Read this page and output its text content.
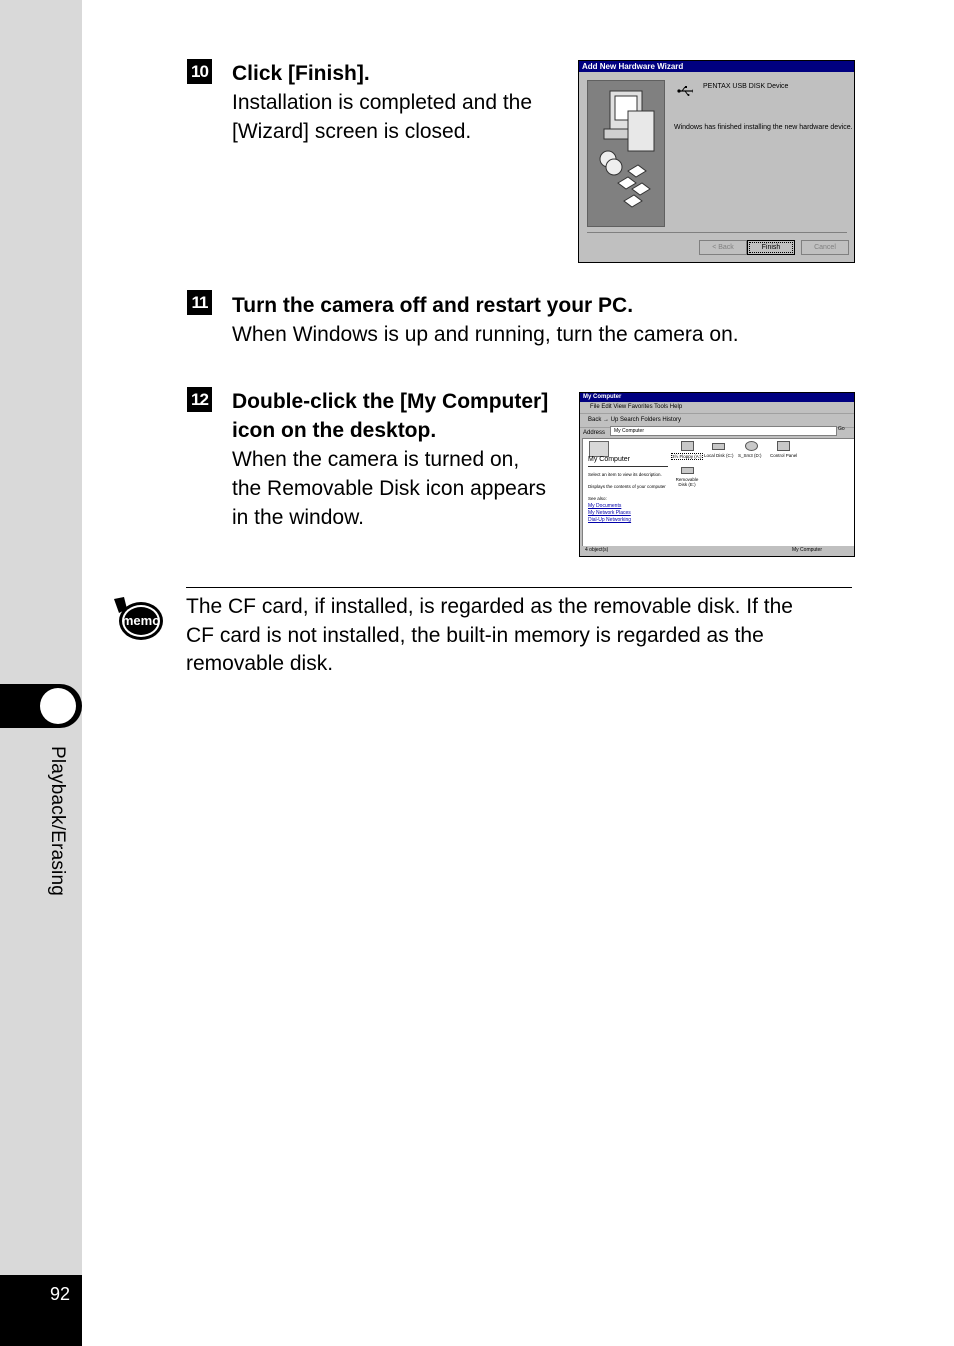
Playback/Erasing
92
10 Click [Finish].
Installation is completed and the
[Wizard] screen is closed.
Add New Hardware Wizard
PENTAX USB DISK Device
Windows has finished installing the new hardware device.
< Back	Finish	Cancel
11 Turn the camera off and restart your PC.
When Windows is up and running, turn the camera on.
12 Double-click the [My Computer]
icon on the desktop.
When the camera is turned on,
the Removable Disk icon appears
in the window.
My Computer
File Edit View Favorites Tools Help
Back → Up Search Folders History
Address	My Computer	Go
My Computer
Select an item to view its description.
Displays the contents of your computer
See also:
My Documents
My Network Places
Dial-Up Networking
3½ Floppy (A:) Local Disk (C:) S_Sm3 (D:) Control Panel
Removable Disk (E:)
4 object(s)	My Computer
memo
The CF card, if installed, is regarded as the removable disk. If the
CF card is not installed, the built-in memory is regarded as the
removable disk.
